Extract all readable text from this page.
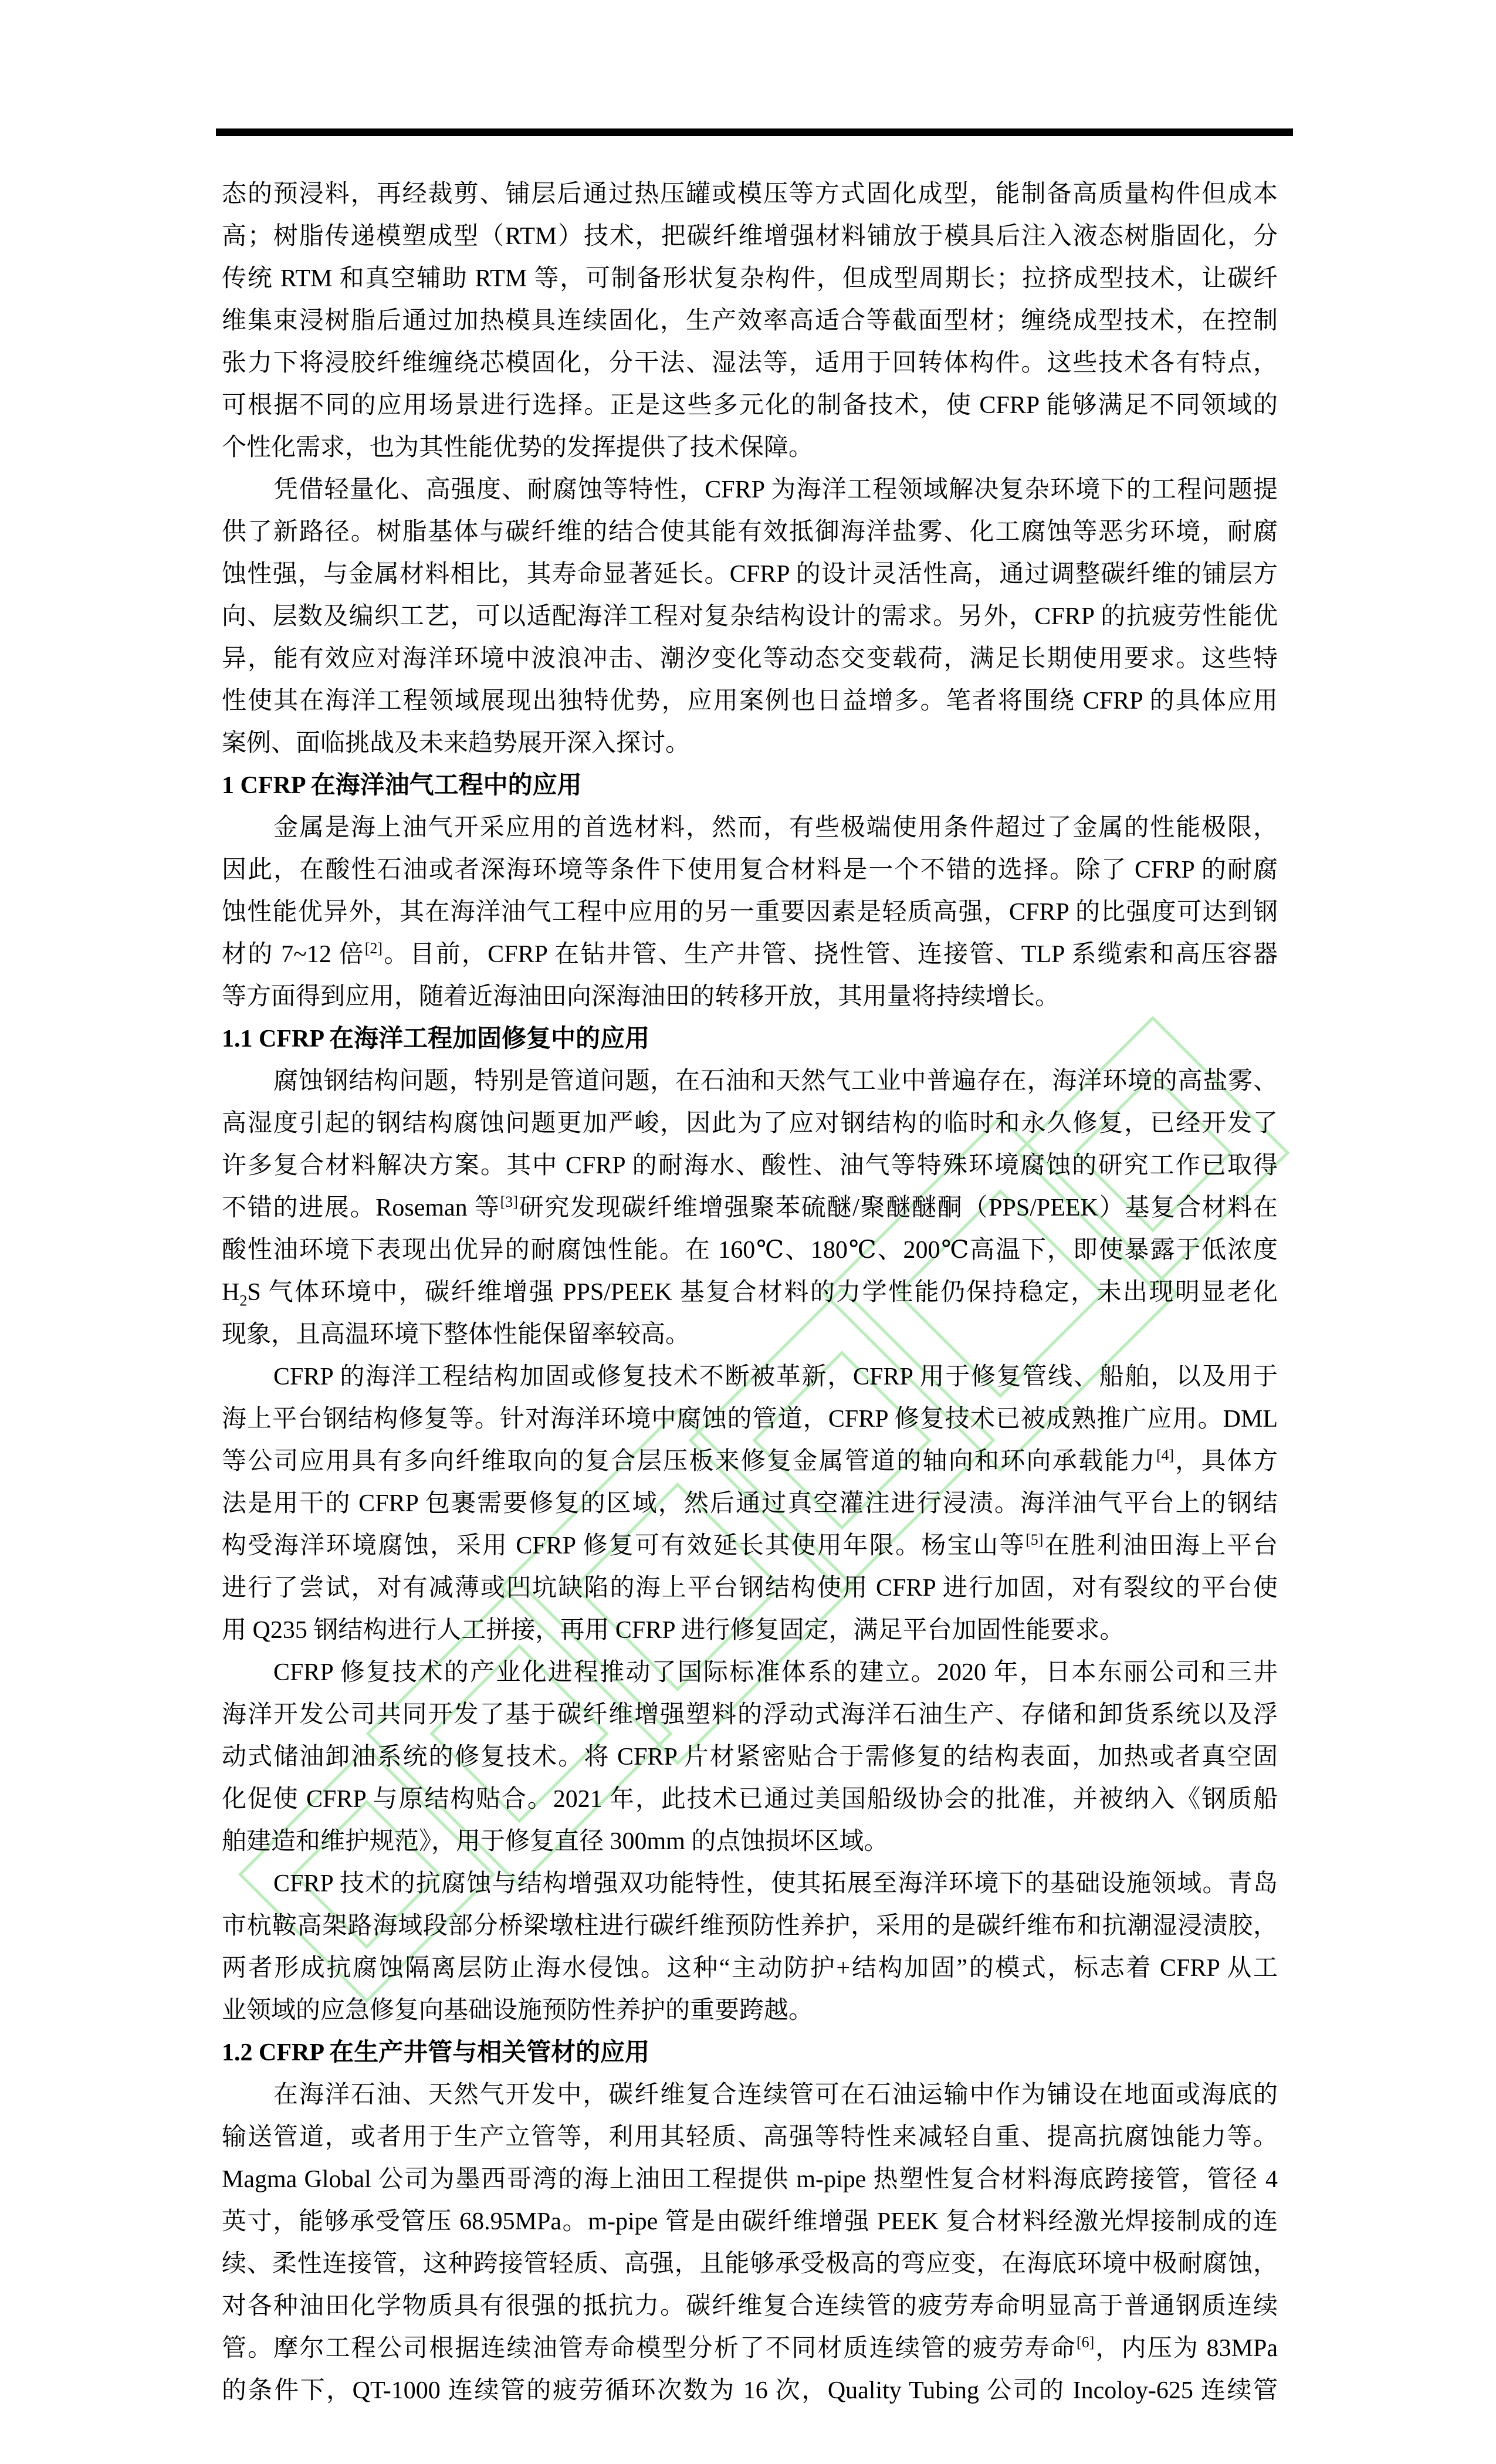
态的预浸料，再经裁剪、铺层后通过热压罐或模压等方式固化成型，能制备高质量构件但成本
高；树脂传递模塑成型（RTM）技术，把碳纤维增强材料铺放于模具后注入液态树脂固化，分
传统 RTM 和真空辅助 RTM 等，可制备形状复杂构件，但成型周期长；拉挤成型技术，让碳纤
维集束浸树脂后通过加热模具连续固化，生产效率高适合等截面型材；缠绕成型技术，在控制
张力下将浸胶纤维缠绕芯模固化，分干法、湿法等，适用于回转体构件。这些技术各有特点，
可根据不同的应用场景进行选择。正是这些多元化的制备技术，使 CFRP 能够满足不同领域的
个性化需求，也为其性能优势的发挥提供了技术保障。
凭借轻量化、高强度、耐腐蚀等特性，CFRP 为海洋工程领域解决复杂环境下的工程问题提
供了新路径。树脂基体与碳纤维的结合使其能有效抵御海洋盐雾、化工腐蚀等恶劣环境，耐腐
蚀性强，与金属材料相比，其寿命显著延长。CFRP 的设计灵活性高，通过调整碳纤维的铺层方
向、层数及编织工艺，可以适配海洋工程对复杂结构设计的需求。另外，CFRP 的抗疲劳性能优
异，能有效应对海洋环境中波浪冲击、潮汐变化等动态交变载荷，满足长期使用要求。这些特
性使其在海洋工程领域展现出独特优势，应用案例也日益增多。笔者将围绕 CFRP 的具体应用
案例、面临挑战及未来趋势展开深入探讨。
1 CFRP 在海洋油气工程中的应用
金属是海上油气开采应用的首选材料，然而，有些极端使用条件超过了金属的性能极限，
因此，在酸性石油或者深海环境等条件下使用复合材料是一个不错的选择。除了 CFRP 的耐腐
蚀性能优异外，其在海洋油气工程中应用的另一重要因素是轻质高强，CFRP 的比强度可达到钢
材的 7~12 倍[2]。目前，CFRP 在钻井管、生产井管、挠性管、连接管、TLP 系缆索和高压容器
等方面得到应用，随着近海油田向深海油田的转移开放，其用量将持续增长。
1.1 CFRP 在海洋工程加固修复中的应用
腐蚀钢结构问题，特别是管道问题，在石油和天然气工业中普遍存在，海洋环境的高盐雾、
高湿度引起的钢结构腐蚀问题更加严峻，因此为了应对钢结构的临时和永久修复，已经开发了
许多复合材料解决方案。其中 CFRP 的耐海水、酸性、油气等特殊环境腐蚀的研究工作已取得
不错的进展。Roseman 等[3]研究发现碳纤维增强聚苯硫醚/聚醚醚酮（PPS/PEEK）基复合材料在
酸性油环境下表现出优异的耐腐蚀性能。在 160℃、180℃、200℃高温下，即使暴露于低浓度
$H_2S$ 气体环境中，碳纤维增强 PPS/PEEK 基复合材料的力学性能仍保持稳定，未出现明显老化
现象，且高温环境下整体性能保留率较高。
CFRP 的海洋工程结构加固或修复技术不断被革新，CFRP 用于修复管线、船舶，以及用于
海上平台钢结构修复等。针对海洋环境中腐蚀的管道，CFRP 修复技术已被成熟推广应用。DML
等公司应用具有多向纤维取向的复合层压板来修复金属管道的轴向和环向承载能力[4]，具体方
法是用干的 CFRP 包裹需要修复的区域，然后通过真空灌注进行浸渍。海洋油气平台上的钢结
构受海洋环境腐蚀，采用 CFRP 修复可有效延长其使用年限。杨宝山等[5]在胜利油田海上平台
进行了尝试，对有减薄或凹坑缺陷的海上平台钢结构使用 CFRP 进行加固，对有裂纹的平台使
用 Q235 钢结构进行人工拼接，再用 CFRP 进行修复固定，满足平台加固性能要求。
CFRP 修复技术的产业化进程推动了国际标准体系的建立。2020 年，日本东丽公司和三井
海洋开发公司共同开发了基于碳纤维增强塑料的浮动式海洋石油生产、存储和卸货系统以及浮
动式储油卸油系统的修复技术。将 CFRP 片材紧密贴合于需修复的结构表面，加热或者真空固
化促使 CFRP 与原结构贴合。2021 年，此技术已通过美国船级协会的批准，并被纳入《钢质船
舶建造和维护规范》，用于修复直径 300mm 的点蚀损坏区域。
CFRP 技术的抗腐蚀与结构增强双功能特性，使其拓展至海洋环境下的基础设施领域。青岛
市杭鞍高架路海域段部分桥梁墩柱进行碳纤维预防性养护，采用的是碳纤维布和抗潮湿浸渍胶，
两者形成抗腐蚀隔离层防止海水侵蚀。这种“主动防护+结构加固”的模式，标志着 CFRP 从工
业领域的应急修复向基础设施预防性养护的重要跨越。
1.2 CFRP 在生产井管与相关管材的应用
在海洋石油、天然气开发中，碳纤维复合连续管可在石油运输中作为铺设在地面或海底的
输送管道，或者用于生产立管等，利用其轻质、高强等特性来减轻自重、提高抗腐蚀能力等。
Magma Global 公司为墨西哥湾的海上油田工程提供 m-pipe 热塑性复合材料海底跨接管，管径 4
英寸，能够承受管压 68.95MPa。m-pipe 管是由碳纤维增强 PEEK 复合材料经激光焊接制成的连
续、柔性连接管，这种跨接管轻质、高强，且能够承受极高的弯应变，在海底环境中极耐腐蚀，
对各种油田化学物质具有很强的抵抗力。碳纤维复合连续管的疲劳寿命明显高于普通钢质连续
管。摩尔工程公司根据连续油管寿命模型分析了不同材质连续管的疲劳寿命[6]，内压为 83MPa
的条件下，QT-1000 连续管的疲劳循环次数为 16 次，Quality Tubing 公司的 Incoloy-625 连续管
